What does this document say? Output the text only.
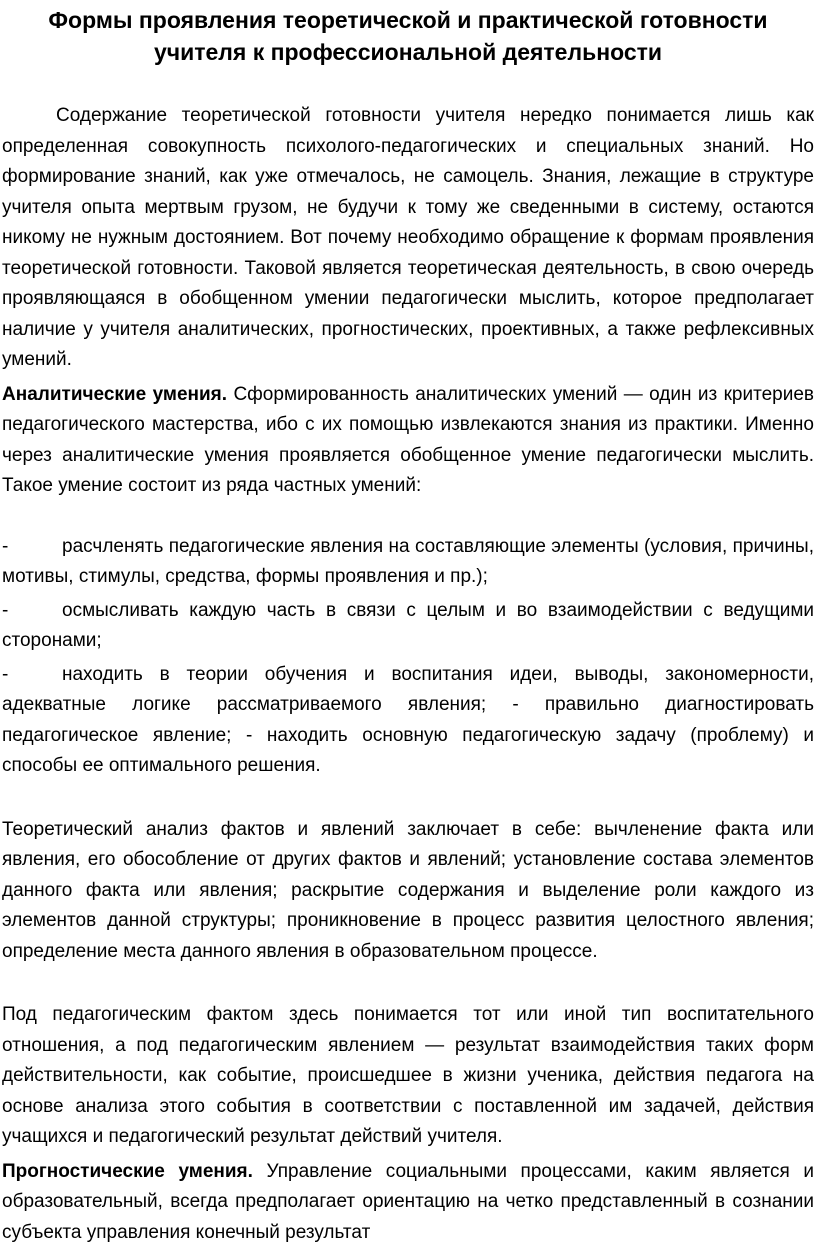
Формы проявления теоретической и практической готовности
учителя к профессиональной деятельности

Содержание теоретической готовности учителя нередко понимается лишь как определенная совокупность психолого-педагогических и специальных знаний. Но формирование знаний, как уже отмечалось, не самоцель. Знания, лежащие в структуре учителя опыта мертвым грузом, не будучи к тому же сведенными в систему, остаются никому не нужным достоянием. Вот почему необходимо обращение к формам проявления теоретической готовности. Таковой является теоретическая деятельность, в свою очередь проявляющаяся в обобщенном умении педагогически мыслить, которое предполагает наличие у учителя аналитических, прогностических, проективных, а также рефлексивных умений.

Аналитические умения. Сформированность аналитических умений — один из критериев педагогического мастерства, ибо с их помощью извлекаются знания из практики. Именно через аналитические умения проявляется обобщенное умение педагогически мыслить. Такое умение состоит из ряда частных умений:

-	расчленять педагогические явления на составляющие элементы (условия, причины, мотивы, стимулы, средства, формы проявления и пр.);

-	осмысливать каждую часть в связи с целым и во взаимодействии с ведущими сторонами;

-	находить в теории обучения и воспитания идеи, выводы, закономерности, адекватные логике рассматриваемого явления; - правильно диагностировать педагогическое явление; - находить основную педагогическую задачу (проблему) и способы ее оптимального решения.

Теоретический анализ фактов и явлений заключает в себе: вычленение факта или явления, его обособление от других фактов и явлений; установление состава элементов данного факта или явления; раскрытие содержания и выделение роли каждого из элементов данной структуры; проникновение в процесс развития целостного явления; определение места данного явления в образовательном процессе.

Под педагогическим фактом здесь понимается тот или иной тип воспитательного отношения, а под педагогическим явлением — результат взаимодействия таких форм действительности, как событие, происшедшее в жизни ученика, действия педагога на основе анализа этого события в соответствии с поставленной им задачей, действия учащихся и педагогический результат действий учителя.

Прогностические умения. Управление социальными процессами, каким является и образовательный, всегда предполагает ориентацию на четко представленный в сознании субъекта управления конечный результат
